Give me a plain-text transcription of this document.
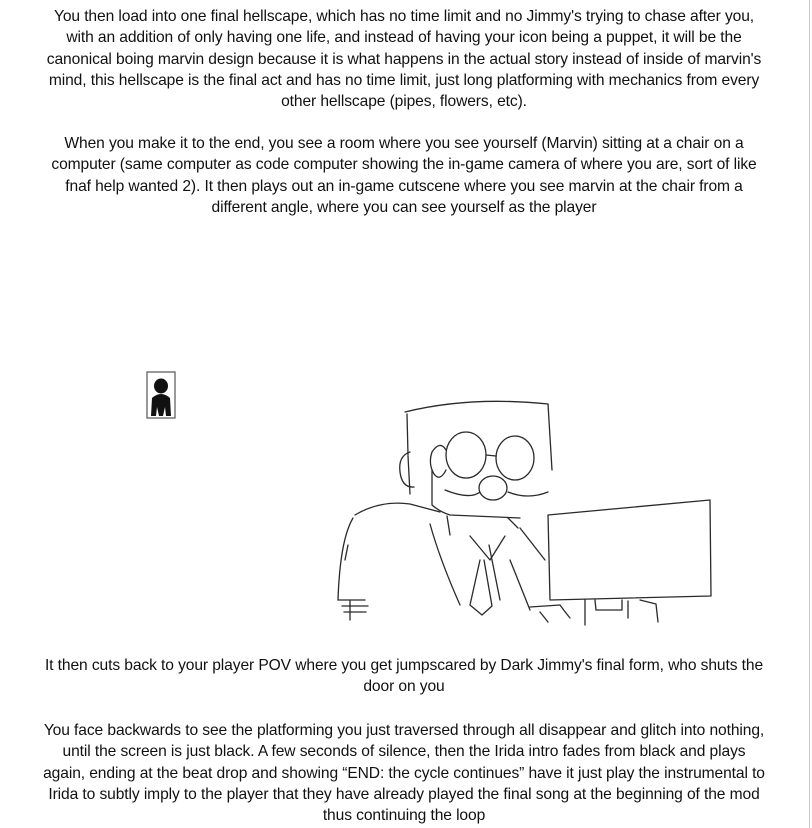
You then load into one final hellscape, which has no time limit and no Jimmy's trying to chase after you,
with an addition of only having one life, and instead of having your icon being a puppet, it will be the
canonical boing marvin design because it is what happens in the actual story instead of inside of marvin's
mind, this hellscape is the final act and has no time limit, just long platforming with mechanics from every
other hellscape (pipes, flowers, etc).
When you make it to the end, you see a room where you see yourself (Marvin) sitting at a chair on a
computer (same computer as code computer showing the in-game camera of where you are, sort of like
fnaf help wanted 2). It then plays out an in-game cutscene where you see marvin at the chair from a
different angle, where you can see yourself as the player
It then cuts back to your player POV where you get jumpscared by Dark Jimmy's final form, who shuts the
door on you
You face backwards to see the platforming you just traversed through all disappear and glitch into nothing,
until the screen is just black. A few seconds of silence, then the Irida intro fades from black and plays
again, ending at the beat drop and showing “END: the cycle continues” have it just play the instrumental to
Irida to subtly imply to the player that they have already played the final song at the beginning of the mod
thus continuing the loop
